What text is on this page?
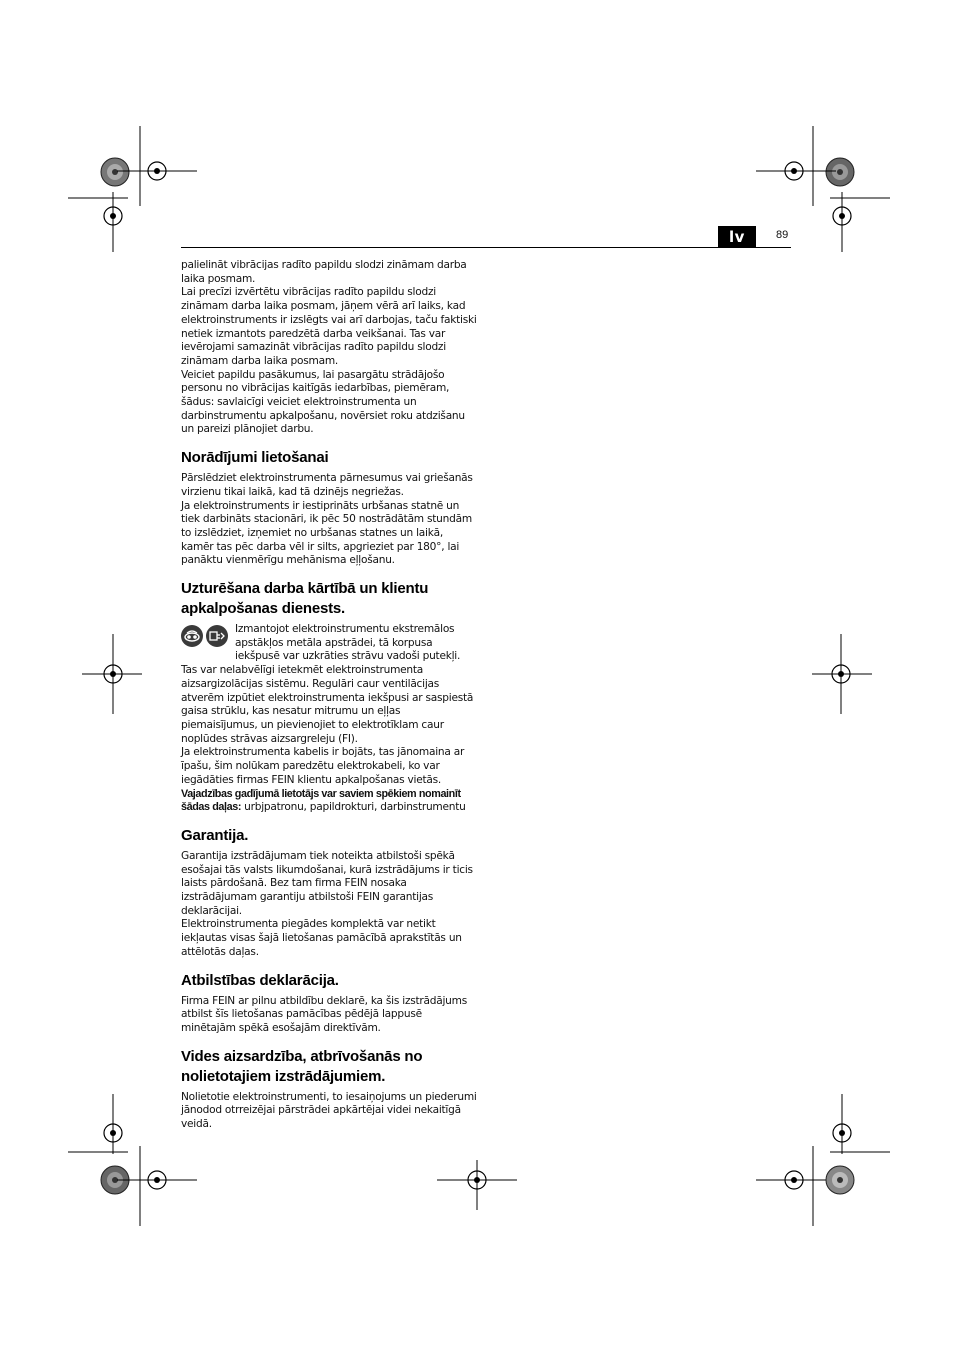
lv	89

palielināt vibrācijas radīto papildu slodzi zināmam darba laika posmam.

Lai precīzi izvērtētu vibrācijas radīto papildu slodzi zināmam darba laika posmam, jāņem vērā arī laiks, kad elektroinstruments ir izslēgts vai arī darbojas, taču faktiski netiek izmantots paredzētā darba veikšanai. Tas var ievērojami samazināt vibrācijas radīto papildu slodzi zināmam darba laika posmam.

Veiciet papildu pasākumus, lai pasargātu strādājošo personu no vibrācijas kaitīgās iedarbības, piemēram, šādus: savlaicīgi veiciet elektroinstrumenta un darbinstrumentu apkalpošanu, novērsiet roku atdzišanu un pareizi plānojiet darbu.

Norādījumi lietošanai

Pārslēdziet elektroinstrumenta pārnesumus vai griešanās virzienu tikai laikā, kad tā dzinējs negriežas.

Ja elektroinstruments ir iestiprināts urbšanas statnē un tiek darbināts stacionāri, ik pēc 50 nostrādātām stundām to izslēdziet, izņemiet no urbšanas statnes un laikā, kamēr tas pēc darba vēl ir silts, apgrieziet par 180°, lai panāktu vienmērīgu mehānisma eļļošanu.

Uzturēšana darba kārtībā un klientu apkalpošanas dienests.

Izmantojot elektroinstrumentu ekstremālos apstākļos metāla apstrādei, tā korpusa iekšpusē var uzkrāties strāvu vadoši putekļi. Tas var nelabvēlīgi ietekmēt elektroinstrumenta aizsargizolācijas sistēmu. Regulāri caur ventilācijas atverēm izpūtiet elektroinstrumenta iekšpusi ar saspiestā gaisa strūklu, kas nesatur mitrumu un eļļas piemaisījumus, un pievienojiet to elektrotīklam caur noplūdes strāvas aizsargreleju (FI).

Ja elektroinstrumenta kabelis ir bojāts, tas jānomaina ar īpašu, šim nolūkam paredzētu elektrokabeli, ko var iegādāties firmas FEIN klientu apkalpošanas vietās.

Vajadzības gadījumā lietotājs var saviem spēkiem nomainīt šādas daļas: urbjpatronu, papildrokturi, darbinstrumentu

Garantija.

Garantija izstrādājumam tiek noteikta atbilstoši spēkā esošajai tās valsts likumdošanai, kurā izstrādājums ir ticis laists pārdošanā. Bez tam firma FEIN nosaka izstrādājumam garantiju atbilstoši FEIN garantijas deklarācijai.

Elektroinstrumenta piegādes komplektā var netikt iekļautas visas šajā lietošanas pamācībā aprakstītās un attēlotās daļas.

Atbilstības deklarācija.

Firma FEIN ar pilnu atbildību deklarē, ka šis izstrādājums atbilst šīs lietošanas pamācības pēdējā lappusē minētajām spēkā esošajām direktīvām.

Vides aizsardzība, atbrīvošanās no nolietotajiem izstrādājumiem.

Nolietotie elektroinstrumenti, to iesaiņojums un piederumi jānodod otrreizējai pārstrādei apkārtējai videi nekaitīgā veidā.
